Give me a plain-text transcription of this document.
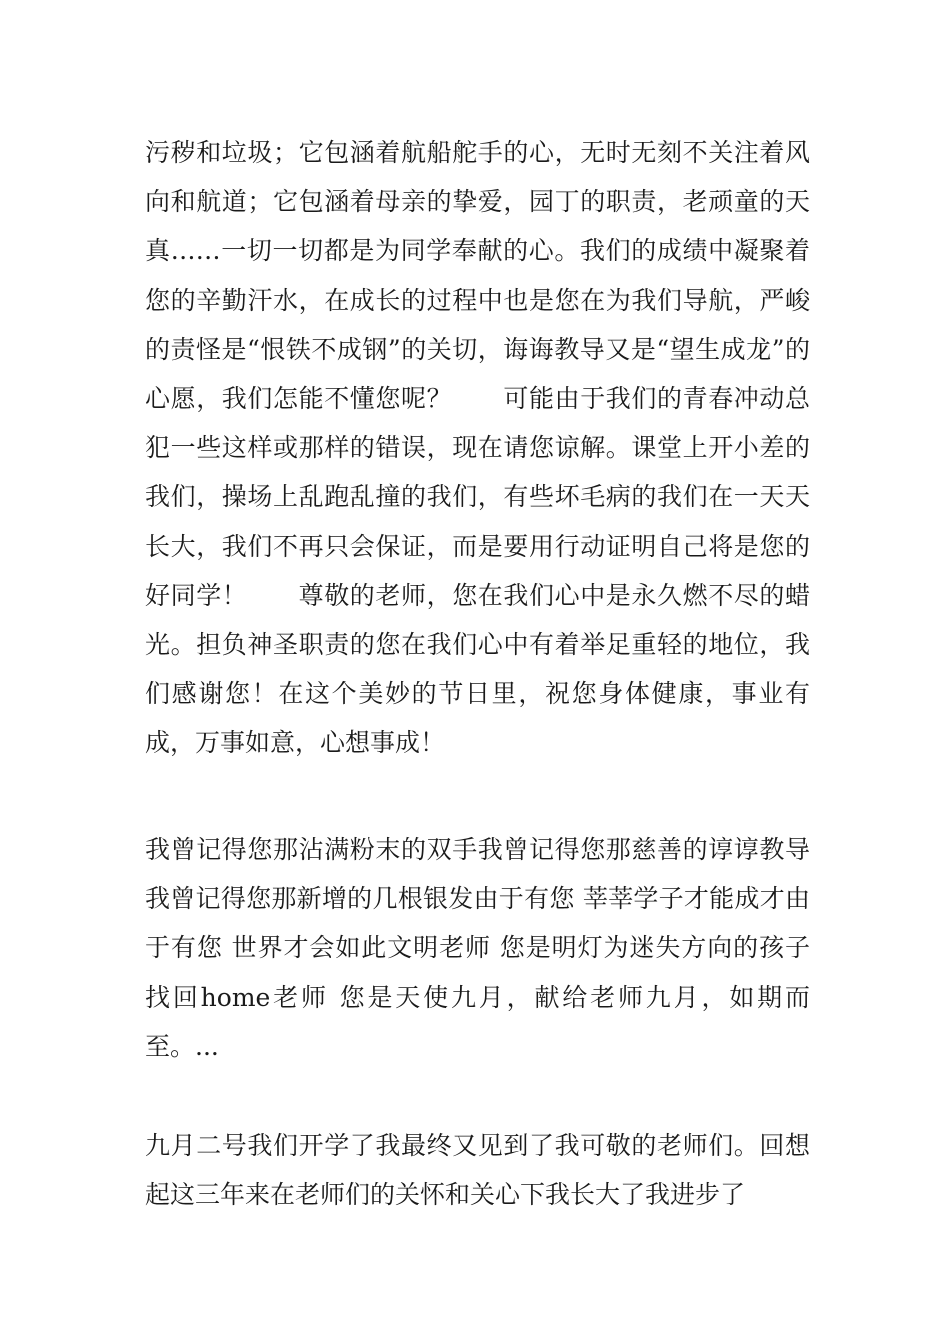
污秽和垃圾；它包涵着航船舵手的心，无时无刻不关注着风向和航道；它包涵着母亲的挚爱，园丁的职责，老顽童的天真……一切一切都是为同学奉献的心。我们的成绩中凝聚着您的辛勤汗水，在成长的过程中也是您在为我们导航，严峻的责怪是“恨铁不成钢”的关切，诲诲教导又是“望生成龙”的心愿，我们怎能不懂您呢？　　可能由于我们的青春冲动总犯一些这样或那样的错误，现在请您谅解。课堂上开小差的我们，操场上乱跑乱撞的我们，有些坏毛病的我们在一天天长大，我们不再只会保证，而是要用行动证明自己将是您的好同学！　　尊敬的老师，您在我们心中是永久燃不尽的蜡光。担负神圣职责的您在我们心中有着举足重轻的地位，我们感谢您！在这个美妙的节日里，祝您身体健康，事业有成，万事如意，心想事成！

我曾记得您那沾满粉末的双手我曾记得您那慈善的谆谆教导我曾记得您那新增的几根银发由于有您 莘莘学子才能成才由于有您 世界才会如此文明老师 您是明灯为迷失方向的孩子找回home老师 您是天使九月，献给老师九月，如期而至。...

九月二号我们开学了我最终又见到了我可敬的老师们。回想起这三年来在老师们的关怀和关心下我长大了我进步了
